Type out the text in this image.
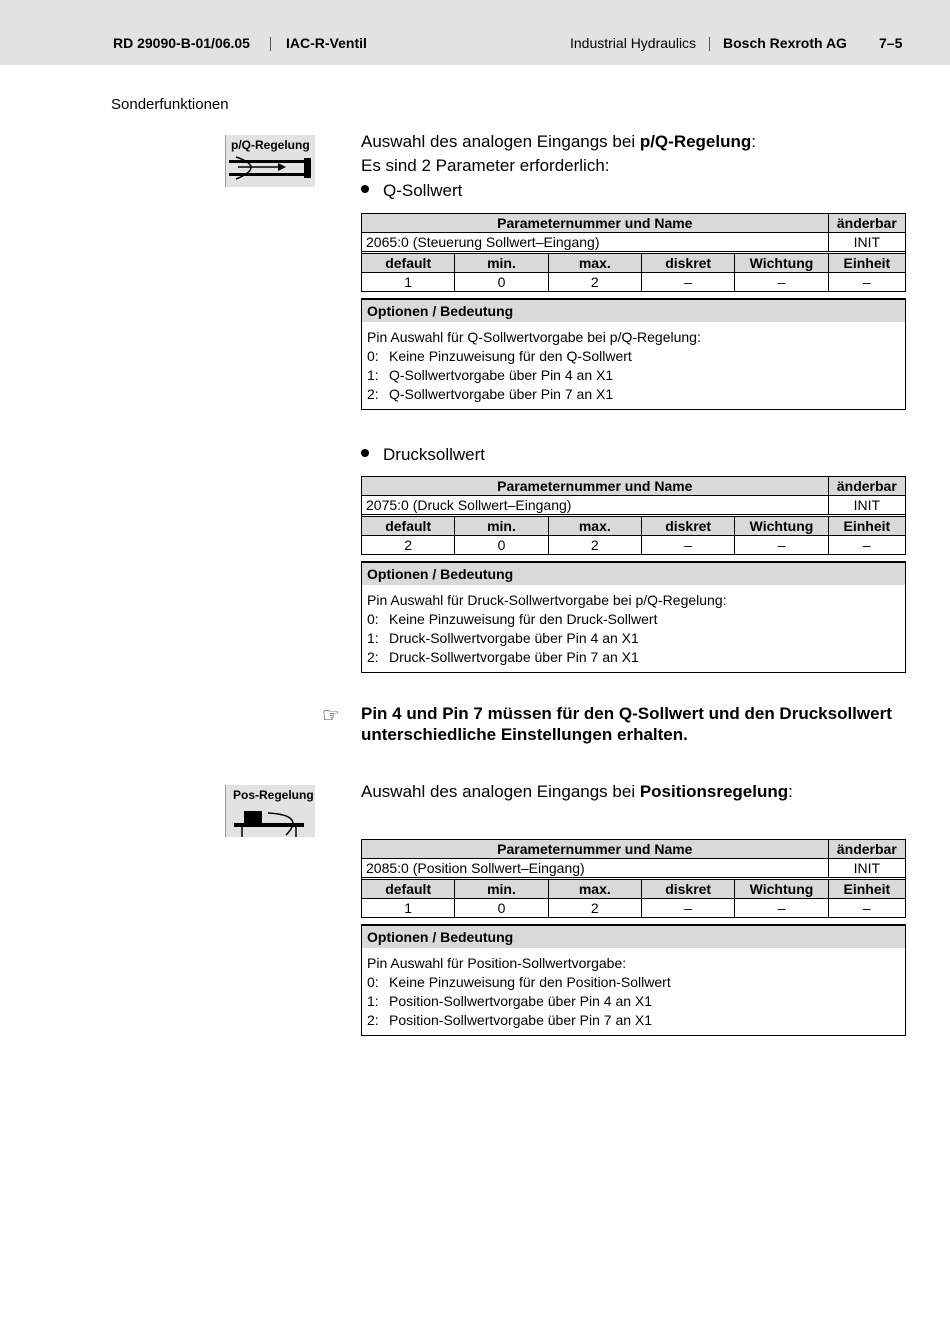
RD 29090-B-01/06.05	IAC-R-Ventil	Industrial Hydraulics Bosch Rexroth AG 7–5
Sonderfunktionen
p/Q-Regelung	Auswahl des analogen Eingangs bei p/Q-Regelung:
Es sind 2 Parameter erforderlich:
Q-Sollwert
Parameternummer und Name					änderbar
2065:0 (Steuerung Sollwert–Eingang)					INIT

default	min.	max.	diskret	Wichtung	Einheit
1	0	2	–	–	–
Optionen / Bedeutung
Pin Auswahl für Q-Sollwertvorgabe bei p/Q-Regelung:
0: Keine Pinzuweisung für den Q-Sollwert
1: Q-Sollwertvorgabe über Pin 4 an X1
2: Q-Sollwertvorgabe über Pin 7 an X1
Drucksollwert
Parameternummer und Name					änderbar
2075:0 (Druck Sollwert–Eingang)					INIT

default	min.	max.	diskret	Wichtung	Einheit
2	0	2	–	–	–
Optionen / Bedeutung
Pin Auswahl für Druck-Sollwertvorgabe bei p/Q-Regelung:
0: Keine Pinzuweisung für den Druck-Sollwert
1: Druck-Sollwertvorgabe über Pin 4 an X1
2: Druck-Sollwertvorgabe über Pin 7 an X1
☞ Pin 4 und Pin 7 müssen für den Q-Sollwert und den Drucksollwert
unterschiedliche Einstellungen erhalten.
Pos-Regelung	Auswahl des analogen Eingangs bei Positionsregelung:
Parameternummer und Name					änderbar
2085:0 (Position Sollwert–Eingang)					INIT

default	min.	max.	diskret	Wichtung	Einheit
1	0	2	–	–	–
Optionen / Bedeutung
Pin Auswahl für Position-Sollwertvorgabe:
0: Keine Pinzuweisung für den Position-Sollwert
1: Position-Sollwertvorgabe über Pin 4 an X1
2: Position-Sollwertvorgabe über Pin 7 an X1
